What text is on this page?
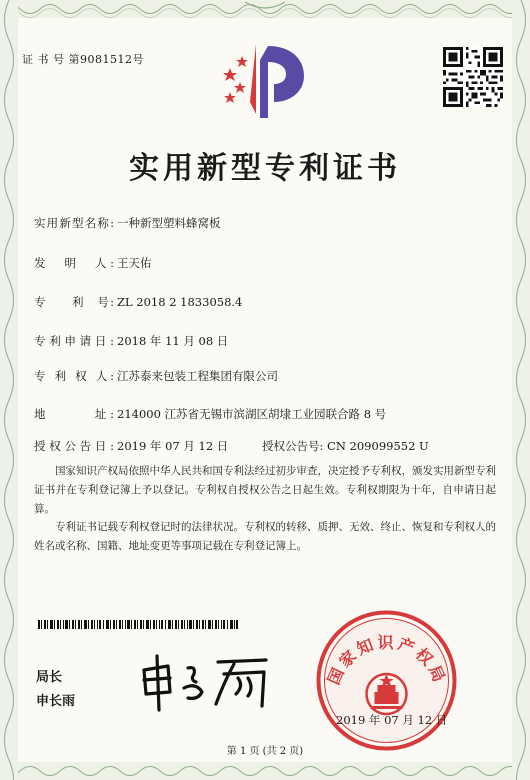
证 书 号 第9081512号
实用新型专利证书
实用新型名称: 一种新型塑料蜂窝板
发　明　人: 王天佑
专　　利　号: ZL 2018 2 1833058.4
专利申请日: 2018 年 11 月 08 日
专 利 权 人: 江苏泰来包装工程集团有限公司
地　　　址: 214000 江苏省无锡市滨湖区胡埭工业园联合路 8 号
授权公告日: 2019 年 07 月 12 日	授权公告号: CN 209099552 U
国家知识产权局依照中华人民共和国专利法经过初步审查，决定授予专利权，颁发实用新型专利证书并在专利登记簿上予以登记。专利权自授权公告之日起生效。专利权期限为十年，自申请日起算。
专利证书记载专利权登记时的法律状况。专利权的转移、质押、无效、终止、恢复和专利权人的姓名或名称、国籍、地址变更等事项记载在专利登记簿上。
局长
申长雨
国家知识产权局
2019 年 07 月 12 日
第 1 页 (共 2 页)
